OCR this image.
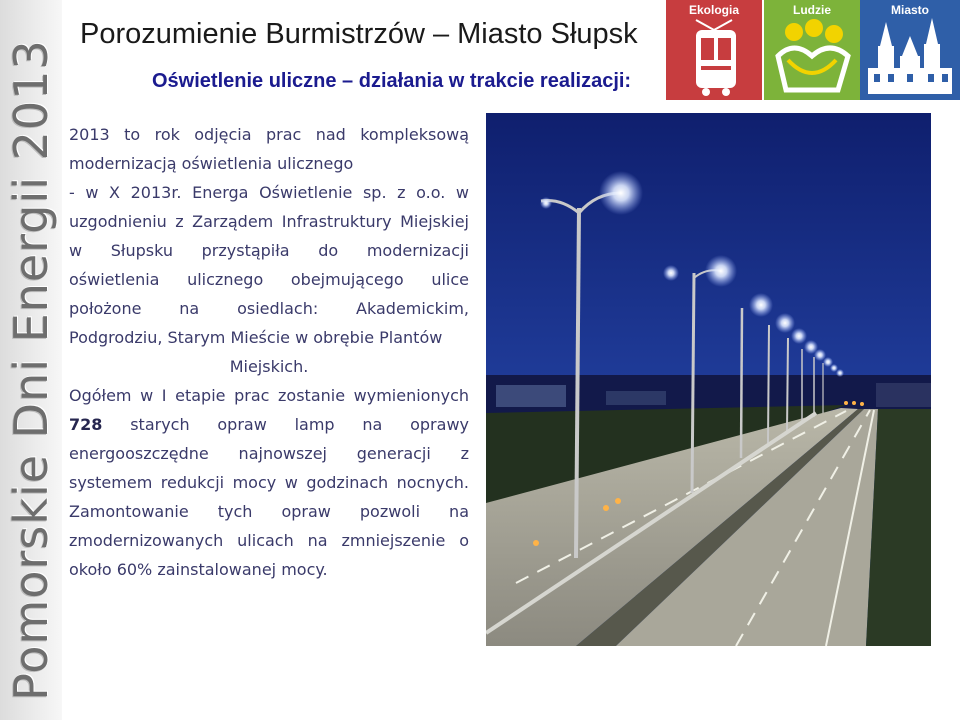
Pomorskie Dni Energii 2013
Porozumienie Burmistrzów – Miasto Słupsk
Oświetlenie uliczne – działania w trakcie realizacji:
Ekologia	Ludzie	Miasto

2013 to rok odjęcia prac nad kompleksową modernizacją oświetlenia ulicznego

- w X 2013r. Energa Oświetlenie sp. z o.o. w uzgodnieniu z Zarządem Infrastruktury Miejskiej w Słupsku przystąpiła do modernizacji oświetlenia ulicznego obejmującego ulice położone na osiedlach: Akademickim, Podgrodziu, Starym Mieście w obrębie Plantów

Miejskich.

Ogółem w I etapie prac zostanie wymienionych 728 starych opraw lamp na oprawy energooszczędne najnowszej generacji z systemem redukcji mocy w godzinach nocnych. Zamontowanie tych opraw pozwoli na zmodernizowanych ulicach na zmniejszenie o około 60% zainstalowanej mocy.
